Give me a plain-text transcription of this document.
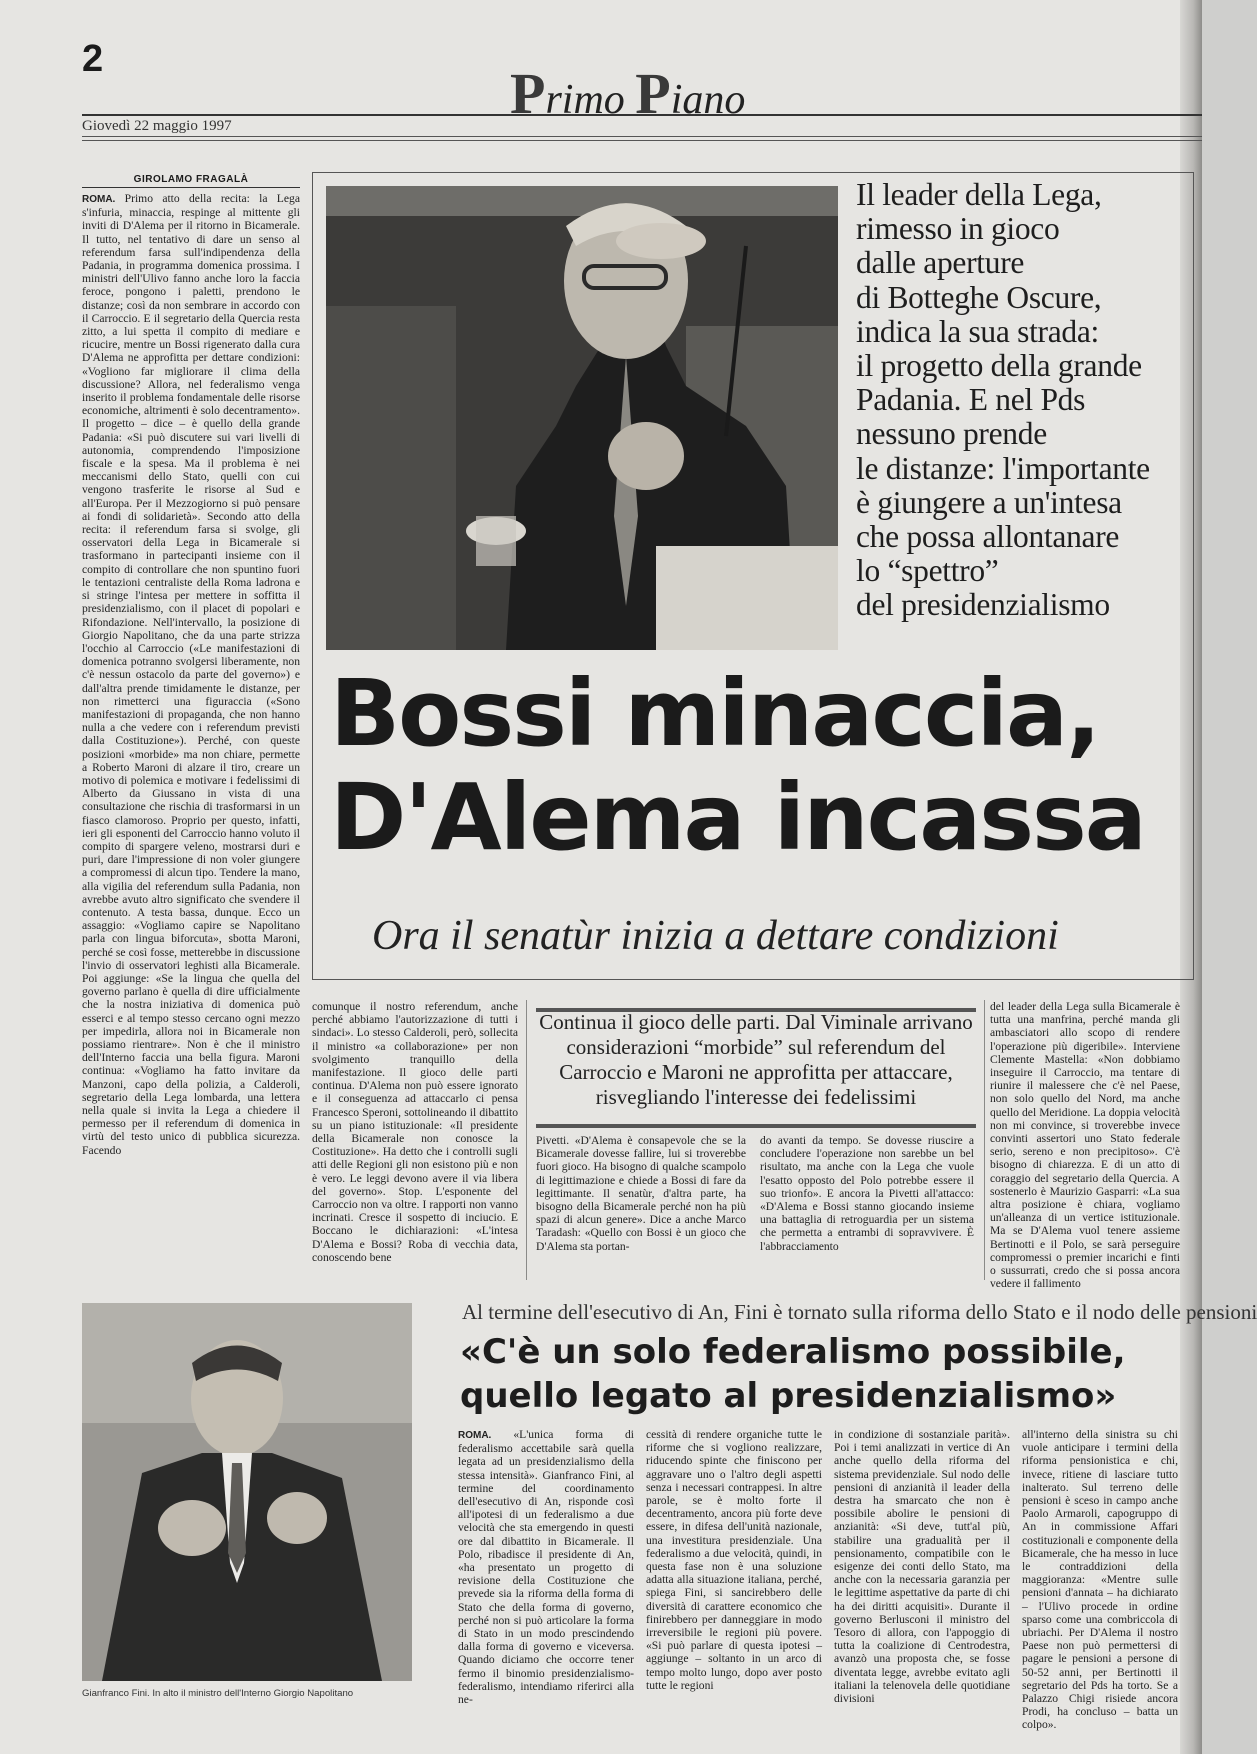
2
Primo Piano
Giovedì 22 maggio 1997
GIROLAMO FRAGALÀ
ROMA. Primo atto della recita: la Lega s'infuria, minaccia, respinge al mittente gli inviti di D'Alema per il ritorno in Bicamerale. Il tutto, nel tentativo di dare un senso al referendum farsa sull'indipendenza della Padania, in programma domenica prossima. I ministri dell'Ulivo fanno anche loro la faccia feroce, pongono i paletti, prendono le distanze; così da non sembrare in accordo con il Carroccio. E il segretario della Quercia resta zitto, a lui spetta il compito di mediare e ricucire, mentre un Bossi rigenerato dalla cura D'Alema ne approfitta per dettare condizioni: «Vogliono far migliorare il clima della discussione? Allora, nel federalismo venga inserito il problema fondamentale delle risorse economiche, altrimenti è solo decentramento». Il progetto – dice – è quello della grande Padania: «Si può discutere sui vari livelli di autonomia, comprendendo l'imposizione fiscale e la spesa. Ma il problema è nei meccanismi dello Stato, quelli con cui vengono trasferite le risorse al Sud e all'Europa. Per il Mezzogiorno si può pensare ai fondi di solidarietà». Secondo atto della recita: il referendum farsa si svolge, gli osservatori della Lega in Bicamerale si trasformano in partecipanti insieme con il compito di controllare che non spuntino fuori le tentazioni centraliste della Roma ladrona e si stringe l'intesa per mettere in soffitta il presidenzialismo, con il placet di popolari e Rifondazione. Nell'intervallo, la posizione di Giorgio Napolitano, che da una parte strizza l'occhio al Carroccio («Le manifestazioni di domenica potranno svolgersi liberamente, non c'è nessun ostacolo da parte del governo») e dall'altra prende timidamente le distanze, per non rimetterci una figuraccia («Sono manifestazioni di propaganda, che non hanno nulla a che vedere con i referendum previsti dalla Costituzione»). Perché, con queste posizioni «morbide» ma non chiare, permette a Roberto Maroni di alzare il tiro, creare un motivo di polemica e motivare i fedelissimi di Alberto da Giussano in vista di una consultazione che rischia di trasformarsi in un fiasco clamoroso. Proprio per questo, infatti, ieri gli esponenti del Carroccio hanno voluto il compito di spargere veleno, mostrarsi duri e puri, dare l'impressione di non voler giungere a compromessi di alcun tipo. Tendere la mano, alla vigilia del referendum sulla Padania, non avrebbe avuto altro significato che svendere il contenuto. A testa bassa, dunque. Ecco un assaggio: «Vogliamo capire se Napolitano parla con lingua biforcuta», sbotta Maroni, perché se così fosse, metterebbe in discussione l'invio di osservatori leghisti alla Bicamerale. Poi aggiunge: «Se la lingua che quella del governo parlano è quella di dire ufficialmente che la nostra iniziativa di domenica può esserci e al tempo stesso cercano ogni mezzo per impedirla, allora noi in Bicamerale non possiamo rientrare». Non è che il ministro dell'Interno faccia una bella figura. Maroni continua: «Vogliamo ha fatto invitare da Manzoni, capo della polizia, a Calderoli, segretario della Lega lombarda, una lettera nella quale si invita la Lega a chiedere il permesso per il referendum di domenica in virtù del testo unico di pubblica sicurezza. Facendo
Il leader della Lega,
rimesso in gioco
dalle aperture
di Botteghe Oscure,
indica la sua strada:
il progetto della grande
Padania. E nel Pds
nessuno prende
le distanze: l'importante
è giungere a un'intesa
che possa allontanare
lo “spettro”
del presidenzialismo
Bossi minaccia,
D'Alema incassa
Ora il senatùr inizia a dettare condizioni
comunque il nostro referendum, anche perché abbiamo l'autorizzazione di tutti i sindaci». Lo stesso Calderoli, però, sollecita il ministro «a collaborazione» per non svolgimento tranquillo della manifestazione. Il gioco delle parti continua. D'Alema non può essere ignorato e il conseguenza ad attaccarlo ci pensa Francesco Speroni, sottolineando il dibattito su un piano istituzionale: «Il presidente della Bicamerale non conosce la Costituzione». Ha detto che i controlli sugli atti delle Regioni gli non esistono più e non è vero. Le leggi devono avere il via libera del governo». Stop. L'esponente del Carroccio non va oltre. I rapporti non vanno incrinati. Cresce il sospetto di inciucio. E Boccano le dichiarazioni: «L'intesa D'Alema e Bossi? Roba di vecchia data, conoscendo bene
Continua il gioco delle parti. Dal Viminale arrivano considerazioni “morbide” sul referendum del Carroccio e Maroni ne approfitta per attaccare, risvegliando l'interesse dei fedelissimi
Pivetti. «D'Alema è consapevole che se la Bicamerale dovesse fallire, lui si troverebbe fuori gioco. Ha bisogno di qualche scampolo di legittimazione e chiede a Bossi di fare da legittimante. Il senatùr, d'altra parte, ha bisogno della Bicamerale perché non ha più spazi di alcun genere». Dice a anche Marco Taradash: «Quello con Bossi è un gioco che D'Alema sta portan-
do avanti da tempo. Se dovesse riuscire a concludere l'operazione non sarebbe un bel risultato, ma anche con la Lega che vuole l'esatto opposto del Polo potrebbe essere il suo trionfo». E ancora la Pivetti all'attacco: «D'Alema e Bossi stanno giocando insieme una battaglia di retroguardia per un sistema che permetta a entrambi di sopravvivere. È l'abbracciamento
del leader della Lega sulla Bicamerale è tutta una manfrina, perché manda gli ambasciatori allo scopo di rendere l'operazione più digeribile». Interviene Clemente Mastella: «Non dobbiamo inseguire il Carroccio, ma tentare di riunire il malessere che c'è nel Paese, non solo quello del Nord, ma anche quello del Meridione. La doppia velocità non mi convince, si troverebbe invece convinti assertori uno Stato federale serio, sereno e non precipitoso». C'è bisogno di chiarezza. E di un atto di coraggio del segretario della Quercia. A sostenerlo è Maurizio Gasparri: «La sua altra posizione è chiara, vogliamo un'alleanza di un vertice istituzionale. Ma se D'Alema vuol tenere assieme Bertinotti e il Polo, se sarà perseguire compromessi o premier incarichi e finti o sussurrati, credo che si possa ancora vedere il fallimento
Gianfranco Fini. In alto il ministro dell'Interno Giorgio Napolitano
Al termine dell'esecutivo di An, Fini è tornato sulla riforma dello Stato e il nodo delle pensioni
«C'è un solo federalismo possibile,
quello legato al presidenzialismo»
ROMA. «L'unica forma di federalismo accettabile sarà quella legata ad un presidenzialismo della stessa intensità». Gianfranco Fini, al termine del coordinamento dell'esecutivo di An, risponde così all'ipotesi di un federalismo a due velocità che sta emergendo in questi ore dal dibattito in Bicamerale. Il Polo, ribadisce il presidente di An, «ha presentato un progetto di revisione della Costituzione che prevede sia la riforma della forma di Stato che della forma di governo, perché non si può articolare la forma di Stato in un modo prescindendo dalla forma di governo e viceversa. Quando diciamo che occorre tener fermo il binomio presidenzialismo-federalismo, intendiamo riferirci alla ne-
cessità di rendere organiche tutte le riforme che si vogliono realizzare, riducendo spinte che finiscono per aggravare uno o l'altro degli aspetti senza i necessari contrappesi. In altre parole, se è molto forte il decentramento, ancora più forte deve essere, in difesa dell'unità nazionale, una investitura presidenziale. Una federalismo a due velocità, quindi, in questa fase non è una soluzione adatta alla situazione italiana, perché, spiega Fini, si sancirebbero delle diversità di carattere economico che finirebbero per danneggiare in modo irreversibile le regioni più povere. «Si può parlare di questa ipotesi – aggiunge – soltanto in un arco di tempo molto lungo, dopo aver posto tutte le regioni
in condizione di sostanziale parità». Poi i temi analizzati in vertice di An anche quello della riforma del sistema previdenziale. Sul nodo delle pensioni di anzianità il leader della destra ha smarcato che non è possibile abolire le pensioni di anzianità: «Si deve, tutt'al più, stabilire una gradualità per il pensionamento, compatibile con le esigenze dei conti dello Stato, ma anche con la necessaria garanzia per le legittime aspettative da parte di chi ha dei diritti acquisiti». Durante il governo Berlusconi il ministro del Tesoro di allora, con l'appoggio di tutta la coalizione di Centrodestra, avanzò una proposta che, se fosse diventata legge, avrebbe evitato agli italiani la telenovela delle quotidiane divisioni
all'interno della sinistra su chi vuole anticipare i termini della riforma pensionistica e chi, invece, ritiene di lasciare tutto inalterato. Sul terreno delle pensioni è sceso in campo anche Paolo Armaroli, capogruppo di An in commissione Affari costituzionali e componente della Bicamerale, che ha messo in luce le contraddizioni della maggioranza: «Mentre sulle pensioni d'annata – ha dichiarato – l'Ulivo procede in ordine sparso come una combriccola di ubriachi. Per D'Alema il nostro Paese non può permettersi di pagare le pensioni a persone di 50-52 anni, per Bertinotti il segretario del Pds ha torto. Se a Palazzo Chigi risiede ancora Prodi, ha concluso – batta un colpo».
